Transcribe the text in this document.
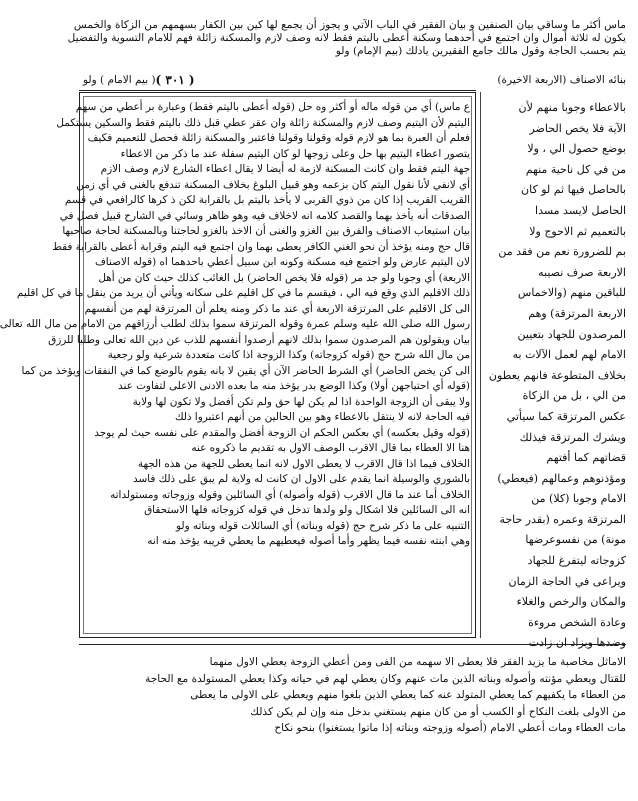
ماس أكثر ما وساقي بيان الصنفين و بيان الفقير في الباب الآتي و يجوز أن يجمع لها كين بين الكفار بسهمهم من الزكاة والخمس
يكون له ثلاثة أموال وان اجتمع في أحدهما وسكنة أعطى بالبتم فقط لانه وصف لازم والمسكنة زائلة فهم للامام التسوية والتفضيل
يتم بحسب الحاجة وقول مالك جامع الفقيرين يادلك (بيم الإمام) ولو
بنائه الاصناف (الاربعة الاخيرة)
( ٣٠١ )
( بيم الامام ) ولو
بالاعطاء وجوبا منهم لأن
الآية فلا يخص الحاضر
بوضع حصول الي ، ولا
من في كل ناحية منهم
بالحاصل فيها ثم لو كان
الحاصل لايسد مسدا
بالتعميم ثم الاحوج ولا
بم للضرورة نعم من فقد من
الاربعة صرف نصيبه
للباقين منهم (والاخماس
الاربعة المرتزقة) وهم
المرصدون للجهاد بتعيين
الامام لهم لعمل الآلات به
بخلاف المتطوعة فانهم يعطون
من الي ، بل من الزكاة
عكس المرتزقة كما سيأتي
ويشرك المرتزقة فيذلك
قضاتهم كما أفتهم
ومؤذنوهم وعمالهم (فيعطي)
الامام وجوبا (كلا) من
المرتزقة وعمره (بقدر حاجة
مونة) من نفسوعرضها
كزوجاته ليتفرغ للجهاد
ويراعى في الحاجة الزمان
والمكان والرخص والغلاء
وعادة الشخص مروءة
وضدها ويزاد ان زادت
ع ماس) أي من قوله ماله أو أكثر وه حل (قوله أعطى باليتم فقط) وعبارة بر أعطي من سهم
اليتيم لأن اليتيم وصف لازم والمسكنة زائلة وان عقر عطي قبل ذلك باليتم فقط والسكين يستكمل
فعلم أن العبرة بما هو لازم قوله وقولنا وقولنا فاعتبر والمسكنة زائلة فحصل للتعميم فكيف
يتصور اعطاء اليتيم بها حل وعلى زوجها لو كان اليتيم سفلة عند ما ذكر من الاعطاء
جهة اليتم فقط وان كانت المسكنة لازمة له أيضا لا يقال اعطاء الشارع لازم وصف الازم
أي لانفي لأنا نقول اليتم كان بزعمه وهو قبيل البلوغ بخلاف المسكنة تندفع بالغنى في أي زمن
القريب القريب إذا كان من ذوي القربى لا يأخذ باليتم بل بالقرابة لكن ذ كرها كالرافعي في قسم
الصدقات أنه يأخذ بهما والقصد كلامه انه لاخلاف فيه وهو ظاهر وسائي في الشارح قبيل فصل في
بيان استيعاب الاصناف والفرق بين الغزو والغنى أن الاخذ بالغزو لحاجتنا وبالمسكنة لحاجة صاحبها
قال حج ومنه يؤخذ أن نحو الغني الكافر يعطى بهما وان اجتمع فيه اليتم وقرابة أعطى بالقرابة فقط
لان اليتيم عارض ولو اجتمع فيه مسكنة وكونه ابن سبيل أعطي باحدهما اه (قوله الاصناف
الاربعة) أي وجوبا ولو جد مر (قوله فلا يخص الحاضر) بل الغائب كذلك حيث كان من أهل
ذلك الاقليم الذي وقع فيه الي ، فيقسم ما في كل اقليم على سكانه ويأتي أن يريد من ينقل ما في كل اقليم
الى كل الاقليم على المرتزقة الاربعة أي عند ما ذكر ومنه يعلم أن المرتزقة لهم من أنفسهم
رسول الله صلى الله عليه وسلم عمرة وقوله المرتزقة سموا بذلك لطلب أرزاقهم من الامام من مال الله تعالى
بيان ويقولون هم المرصدون سموا بذلك لانهم أرصدوا أنفسهم للذب عن دين الله تعالى وطلبا للرزق
من مال الله شرح حج (قوله كزوجاته) وكذا الزوجة اذا كانت متعددة شرعية ولو رجعية
الى كن يخص الحاضر) أي الشرط الحاضر الآن أي يقين لا بانه يقوم بالوضع كما في النفقات ويؤخذ من كما
(قوله أي احتياجهن أولا) وكذا الوضع بدر يؤخذ منه ما بعده الادنى الاعلى لتفاوت عند
ولا يبقى أن الزوجة الواحدة اذا لم يكن لها حق ولم تكن أفضل ولا تكون لها ولاية
فيه الحاجة لانه لا ينتقل بالاعطاء وهو بين الحالين من أنهم اعتبروا ذلك
(قوله وقيل بعكسه) أي بعكس الحكم ان الزوجة أفضل والمقدم على نفسه حيث لم يوجد
هنا الا العطاء بما قال الاقرب الوصف الاول به تقديم ما ذكروه عنه
الخلاف فيما اذا قال الاقرب لا يعطى الاول لانه انما يعطى للجهة من هذه الجهة
بالشوري والوسيلة انما يقدم على الاول ان كانت له ولاية لم يبق على ذلك فاسد
الخلاف أما عند ما قال الاقرب (قوله وأصوله) أي السائلين وقوله وزوجاته ومستولداته
انه الى السائلين فلا اشكال ولو ولدها تدخل في قوله كزوجاته فلها الاستحقاق
التنبيه على ما ذكر شرح حج (قوله وبناته) أي السائلات قوله وبناته ولو
وهي ابنته نفسه فيما يظهر وأما أصوله فيعطيهم ما يعطي قريبه يؤخذ منه انه
الاماثل مخاصبة ما يزيد الفقر فلا يعطى الا سهمه من الفى ومن أعطي الزوجة يعطي الاول منهما
للقتال ويعطي مؤنته وأصوله وبناته الذين مات عنهم وكان يعطي لهم في حياته وكذا يعطي المستولدة مع الحاجة
من العطاء ما يكفيهم كما يعطي المتولد عنه كما يعطي الذين بلغوا منهم ويعطي على الاولى ما يعطى
من الاولى بلغت النكاح أو الكسب أو من كان منهم يستغني بدخل منه وإن لم يكن كذلك
مات العطاء ومات أعطي الامام (أصوله وزوجته وبناته إذا ماتوا يستغنوا) بنحو نكاح
